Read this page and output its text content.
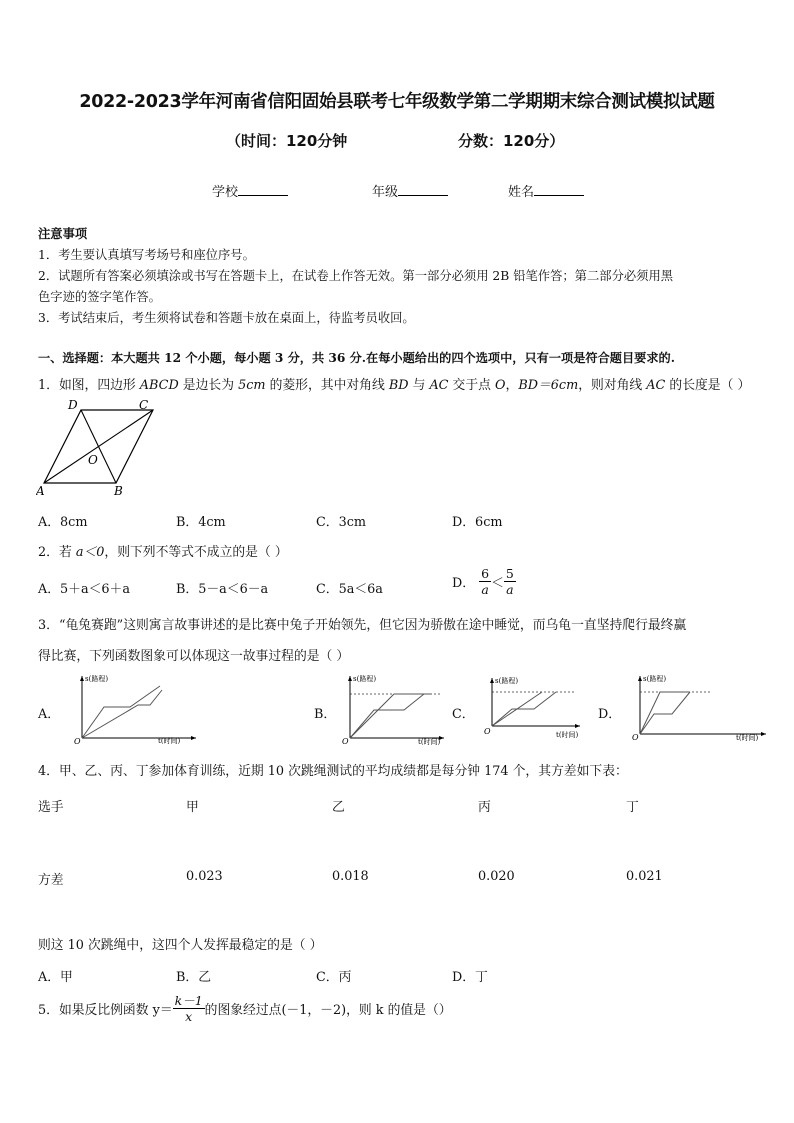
2022-2023学年河南省信阳固始县联考七年级数学第二学期期末综合测试模拟试题
（时间：120分钟	分数：120分）
学校	年级	姓名
注意事项
1．考生要认真填写考场号和座位序号。
2．试题所有答案必须填涂或书写在答题卡上，在试卷上作答无效。第一部分必须用 2B 铅笔作答；第二部分必须用黑
色字迹的签字笔作答。
3．考试结束后，考生须将试卷和答题卡放在桌面上，待监考员收回。
一、选择题：本大题共 12 个小题，每小题 3 分，共 36 分.在每小题给出的四个选项中，只有一项是符合题目要求的.
1．如图，四边形 ABCD 是边长为 5cm 的菱形，其中对角线 BD 与 AC 交于点 O，BD＝6cm，则对角线 AC 的长度是（ ）
A	B
C
D
O
A．8cm	B．4cm	C．3cm	D．6cm
2．若 a＜0，则下列不等式不成立的是（ ）
A．5＋a＜6＋a	B．5－a＜6－a	C．5a＜6a	D． $\frac{6}{a} < \frac{5}{a}$
3．“龟兔赛跑”这则寓言故事讲述的是比赛中兔子开始领先，但它因为骄傲在途中睡觉，而乌龟一直坚持爬行最终赢
得比赛，下列函数图象可以体现这一故事过程的是（ ）
A．
s(路程)
t(时间)
O
B．
s(路程)
t(时间)
O
C．
s(路程)
t(时间)
O
D．
s(路程)
t(时间)
O
4．甲、乙、丙、丁参加体育训练，近期 10 次跳绳测试的平均成绩都是每分钟 174 个，其方差如下表：
选手	甲	乙	丙	丁
方差	0.023	0.018	0.020	0.021
则这 10 次跳绳中，这四个人发挥最稳定的是（ ）
A．甲	B．乙	C．丙	D．丁
5．如果反比例函数 $y= \frac{k-1}{x}$ 的图象经过点(－1，－2)，则 k 的值是（）
